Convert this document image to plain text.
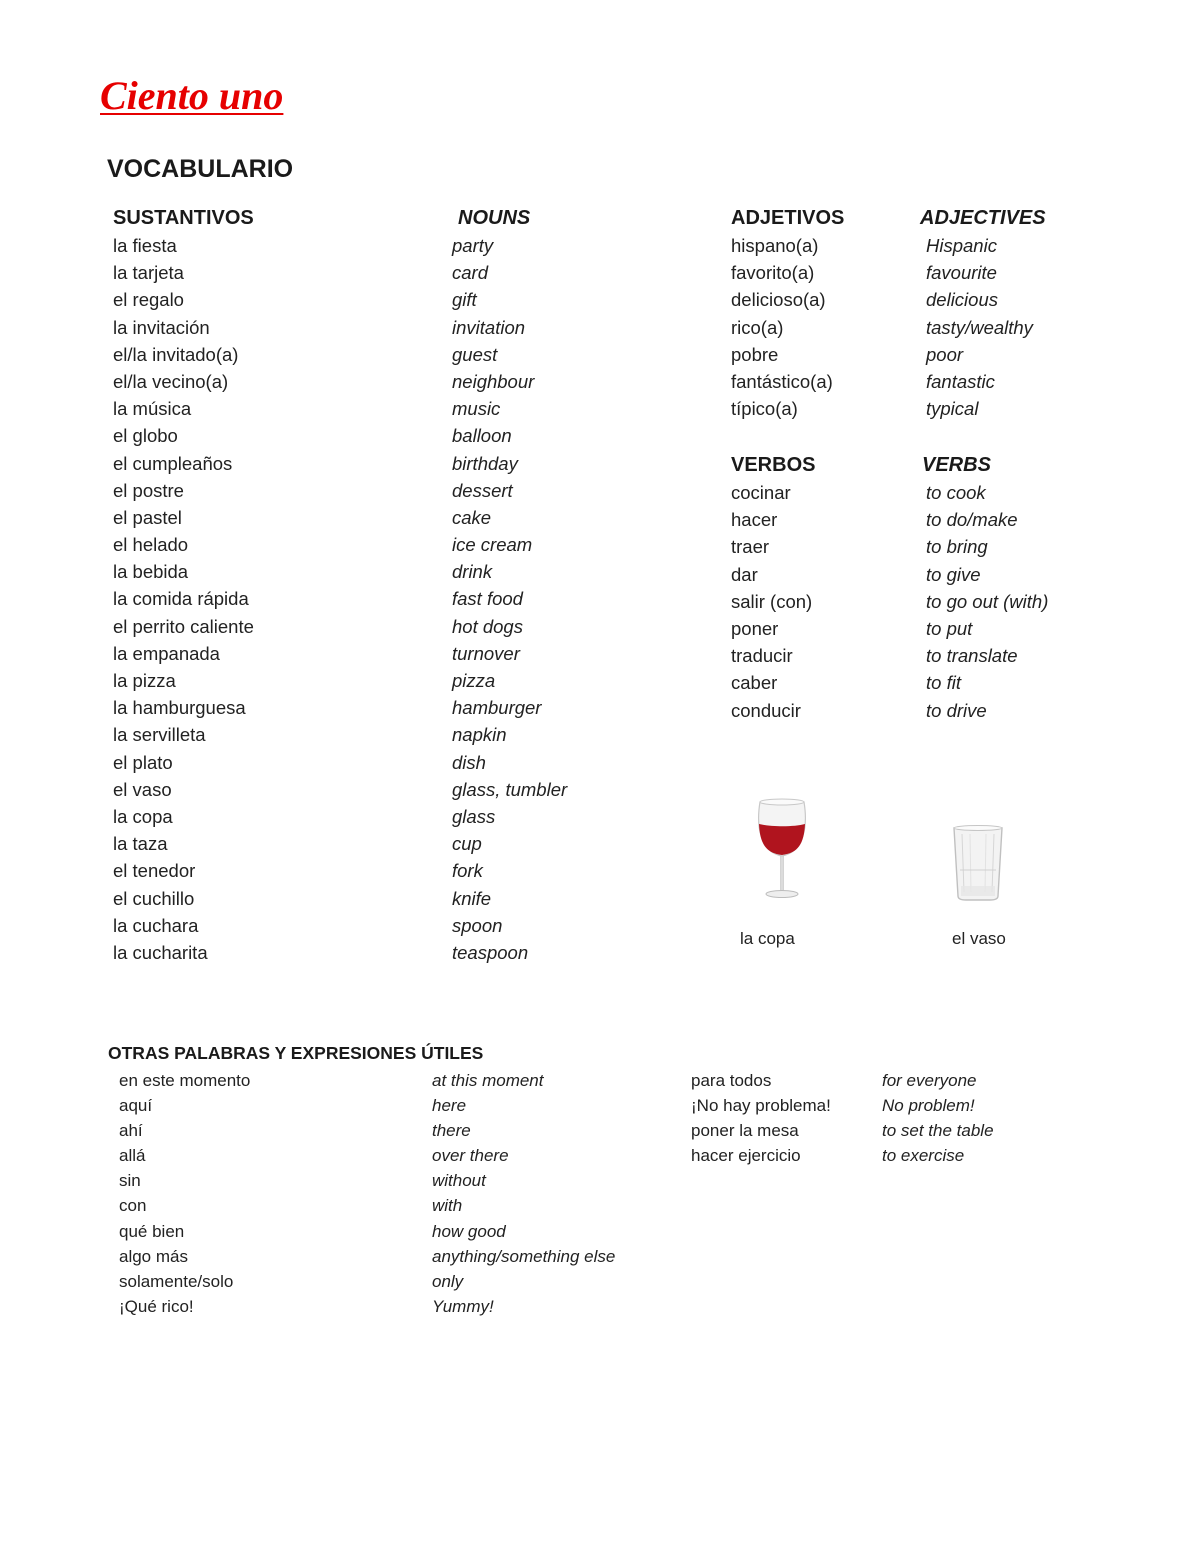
Ciento uno
VOCABULARIO
SUSTANTIVOS
la fiesta
la tarjeta
el regalo
la invitación
el/la invitado(a)
el/la vecino(a)
la música
el globo
el cumpleaños
el postre
el pastel
el helado
la bebida
la comida rápida
el perrito caliente
la empanada
la pizza
la hamburguesa
la servilleta
el plato
el vaso
la copa
la taza
el tenedor
el cuchillo
la cuchara
la cucharita
NOUNS
party
card
gift
invitation
guest
neighbour
music
balloon
birthday
dessert
cake
ice cream
drink
fast food
hot dogs
turnover
pizza
hamburger
napkin
dish
glass, tumbler
glass
cup
fork
knife
spoon
teaspoon
ADJETIVOS
hispano(a)
favorito(a)
delicioso(a)
rico(a)
pobre
fantástico(a)
típico(a)
ADJECTIVES
Hispanic
favourite
delicious
tasty/wealthy
poor
fantastic
typical
VERBOS
cocinar
hacer
traer
dar
salir (con)
poner
traducir
caber
conducir
VERBS
to cook
to do/make
to bring
to give
to go out (with)
to put
to translate
to fit
to drive
la copa	el vaso
OTRAS PALABRAS Y EXPRESIONES ÚTILES
en este momento
aquí
ahí
allá
sin
con
qué bien
algo más
solamente/solo
¡Qué rico!
at this moment
here
there
over there
without
with
how good
anything/something else
only
Yummy!
para todos
¡No hay problema!
poner la mesa
hacer ejercicio
for everyone
No problem!
to set the table
to exercise
